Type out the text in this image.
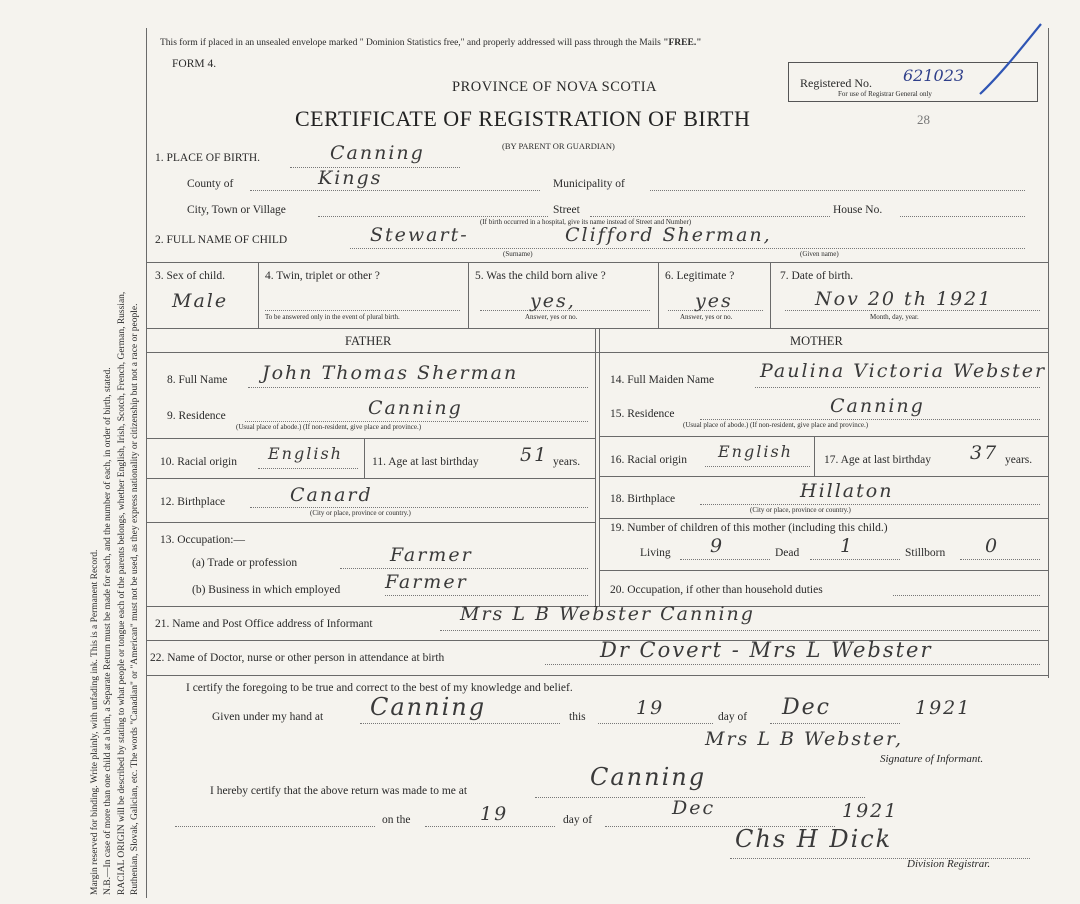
Margin reserved for binding. Write plainly, with unfading ink. This is a Permanent Record. N.B.—In case of more than one child at a birth, a Separate Return must be made for each, and the number of each, in order of birth, stated. RACIAL ORIGIN will be described by stating to what people or tongue each of the parents belongs, whether English, Irish, Scotch, French, German, Russian, Ruthenian, Slovak, Galician, etc. The words "Canadian" or "American" must not be used, as they express nationality or citizenship but not a race or people.
This form if placed in an unsealed envelope marked " Dominion Statistics free," and properly addressed will pass through the Mails "FREE."
FORM 4.
PROVINCE OF NOVA SCOTIA
CERTIFICATE OF REGISTRATION OF BIRTH	28
(BY PARENT OR GUARDIAN)
Registered No. 621023
For use of Registrar General only
1. PLACE OF BIRTH.	Canning
County of	Kings	Municipality of
City, Town or Village	Street	House No.
(If birth occurred in a hospital, give its name instead of Street and Number)
2. FULL NAME OF CHILD	Stewart-	Clifford Sherman,
(Surname)	(Given name)
3. Sex of child.
Male
4. Twin, triplet or other ?
To be answered only in the event of plural birth.
5. Was the child born alive ?
yes,
Answer, yes or no.
6. Legitimate ?
yes
Answer, yes or no.
7. Date of birth.
Nov 20 th 1921
Month, day, year.
FATHER	MOTHER
8. Full Name John Thomas Sherman
9. Residence	Canning
(Usual place of abode.) (If non-resident, give place and province.)
10. Racial origin English	11. Age at last birthday 51 years.
12. Birthplace	Canard
(City or place, province or country.)
13. Occupation:—
(a) Trade or profession	Farmer
(b) Business in which employed Farmer
14. Full Maiden Name Paulina Victoria Webster
15. Residence	Canning
(Usual place of abode.) (If non-resident, give place and province.)
16. Racial origin English	17. Age at last birthday 37 years.
18. Birthplace	Hillaton
(City or place, province or country.)
19. Number of children of this mother (including this child.)
Living 9	Dead 1	Stillborn 0
20. Occupation, if other than household duties
21. Name and Post Office address of Informant	Mrs L B Webster Canning
22. Name of Doctor, nurse or other person in attendance at birth	Dr Covert - Mrs L Webster
I certify the foregoing to be true and correct to the best of my knowledge and belief.
Given under my hand at Canning	this	19	day of Dec	1921
Mrs L B Webster,
Signature of Informant.
I hereby certify that the above return was made to me at	Canning
on the	19	day of
Dec	1921
Chs H Dick
Division Registrar.
